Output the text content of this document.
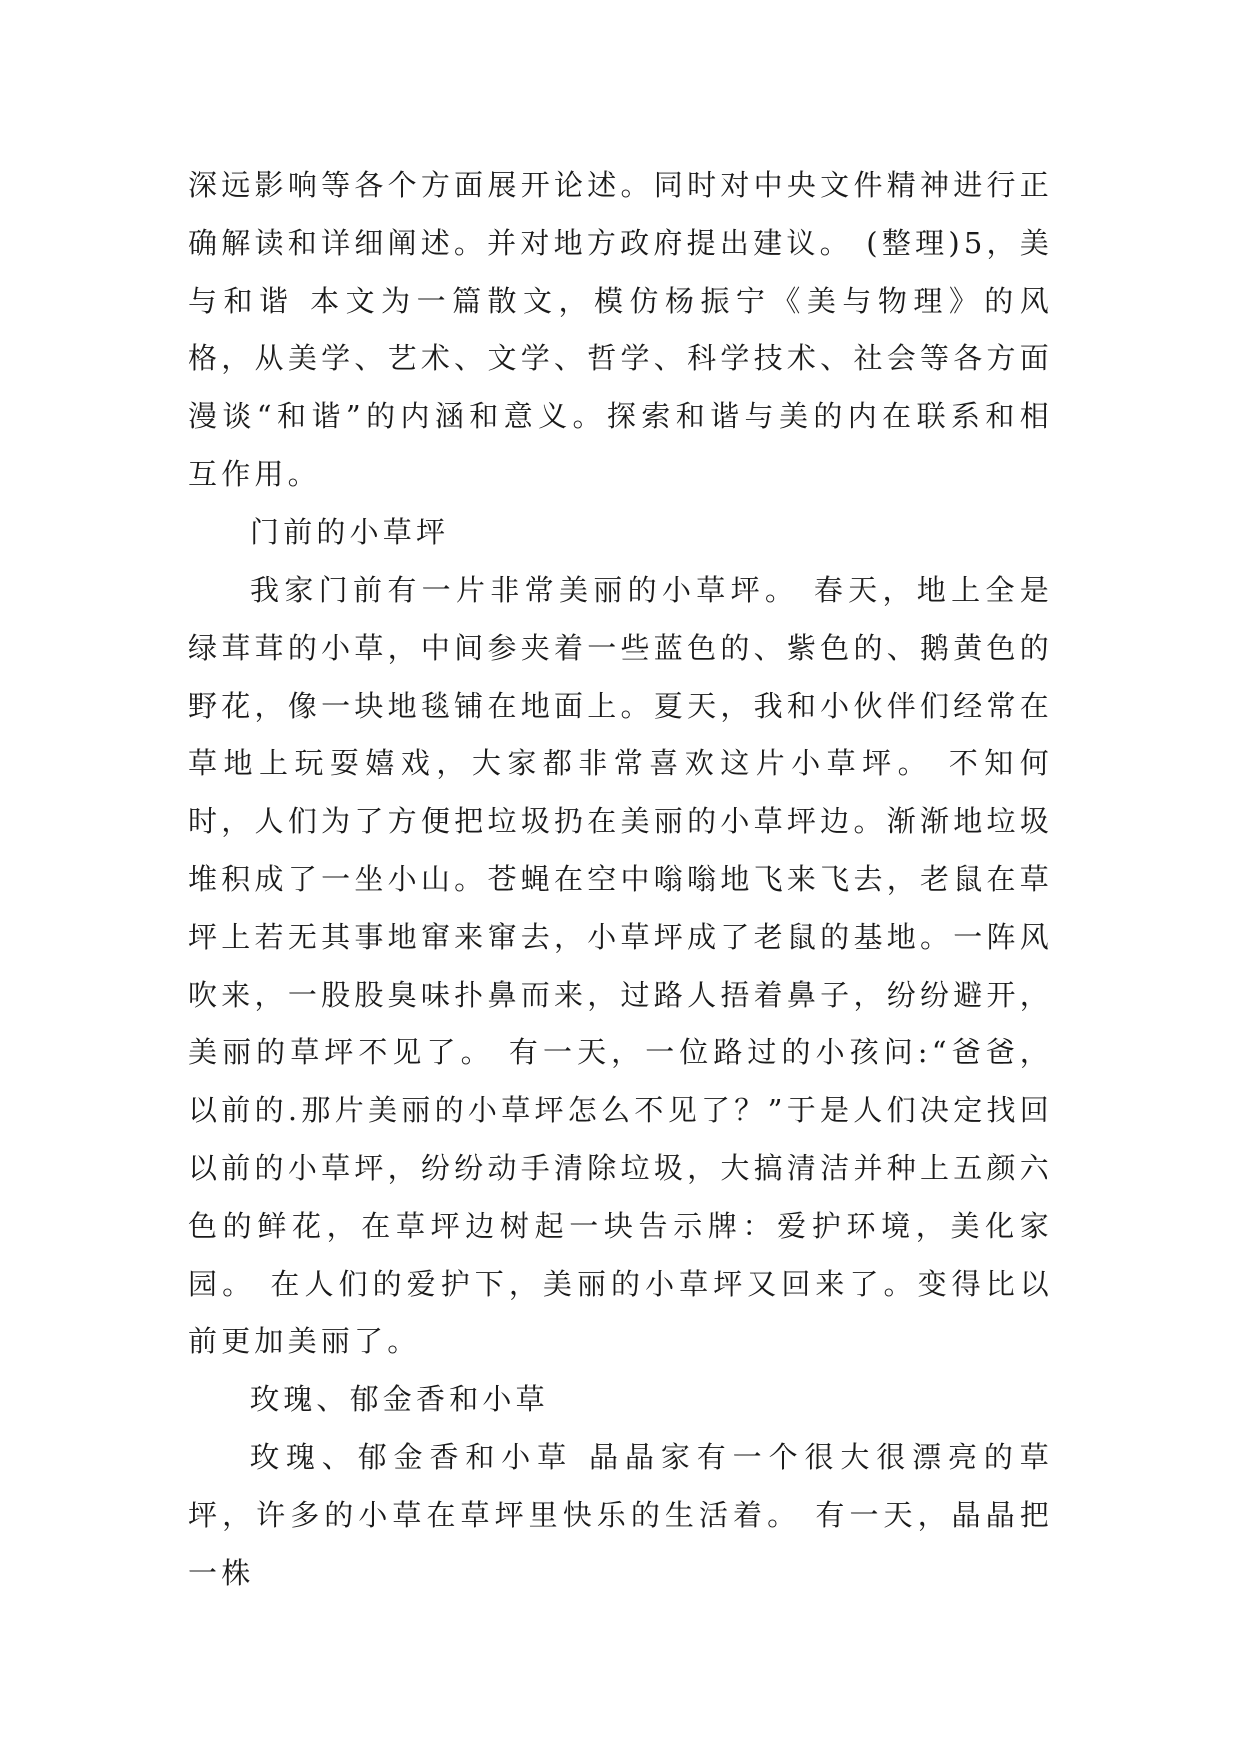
深远影响等各个方面展开论述。同时对中央文件精神进行正确解读和详细阐述。并对地方政府提出建议。 (整理)5，美与和谐 本文为一篇散文，模仿杨振宁《美与物理》的风格，从美学、艺术、文学、哲学、科学技术、社会等各方面漫谈“和谐”的内涵和意义。探索和谐与美的内在联系和相互作用。

门前的小草坪

我家门前有一片非常美丽的小草坪。 春天，地上全是绿茸茸的小草，中间参夹着一些蓝色的、紫色的、鹅黄色的野花，像一块地毯铺在地面上。夏天，我和小伙伴们经常在草地上玩耍嬉戏，大家都非常喜欢这片小草坪。 不知何时，人们为了方便把垃圾扔在美丽的小草坪边。渐渐地垃圾堆积成了一坐小山。苍蝇在空中嗡嗡地飞来飞去，老鼠在草坪上若无其事地窜来窜去，小草坪成了老鼠的基地。一阵风吹来，一股股臭味扑鼻而来，过路人捂着鼻子，纷纷避开，美丽的草坪不见了。 有一天，一位路过的小孩问:“爸爸，以前的.那片美丽的小草坪怎么不见了？”于是人们决定找回以前的小草坪，纷纷动手清除垃圾，大搞清洁并种上五颜六色的鲜花，在草坪边树起一块告示牌：爱护环境，美化家园。 在人们的爱护下，美丽的小草坪又回来了。变得比以前更加美丽了。

玫瑰、郁金香和小草

玫瑰、郁金香和小草 晶晶家有一个很大很漂亮的草坪，许多的小草在草坪里快乐的生活着。 有一天，晶晶把一株
